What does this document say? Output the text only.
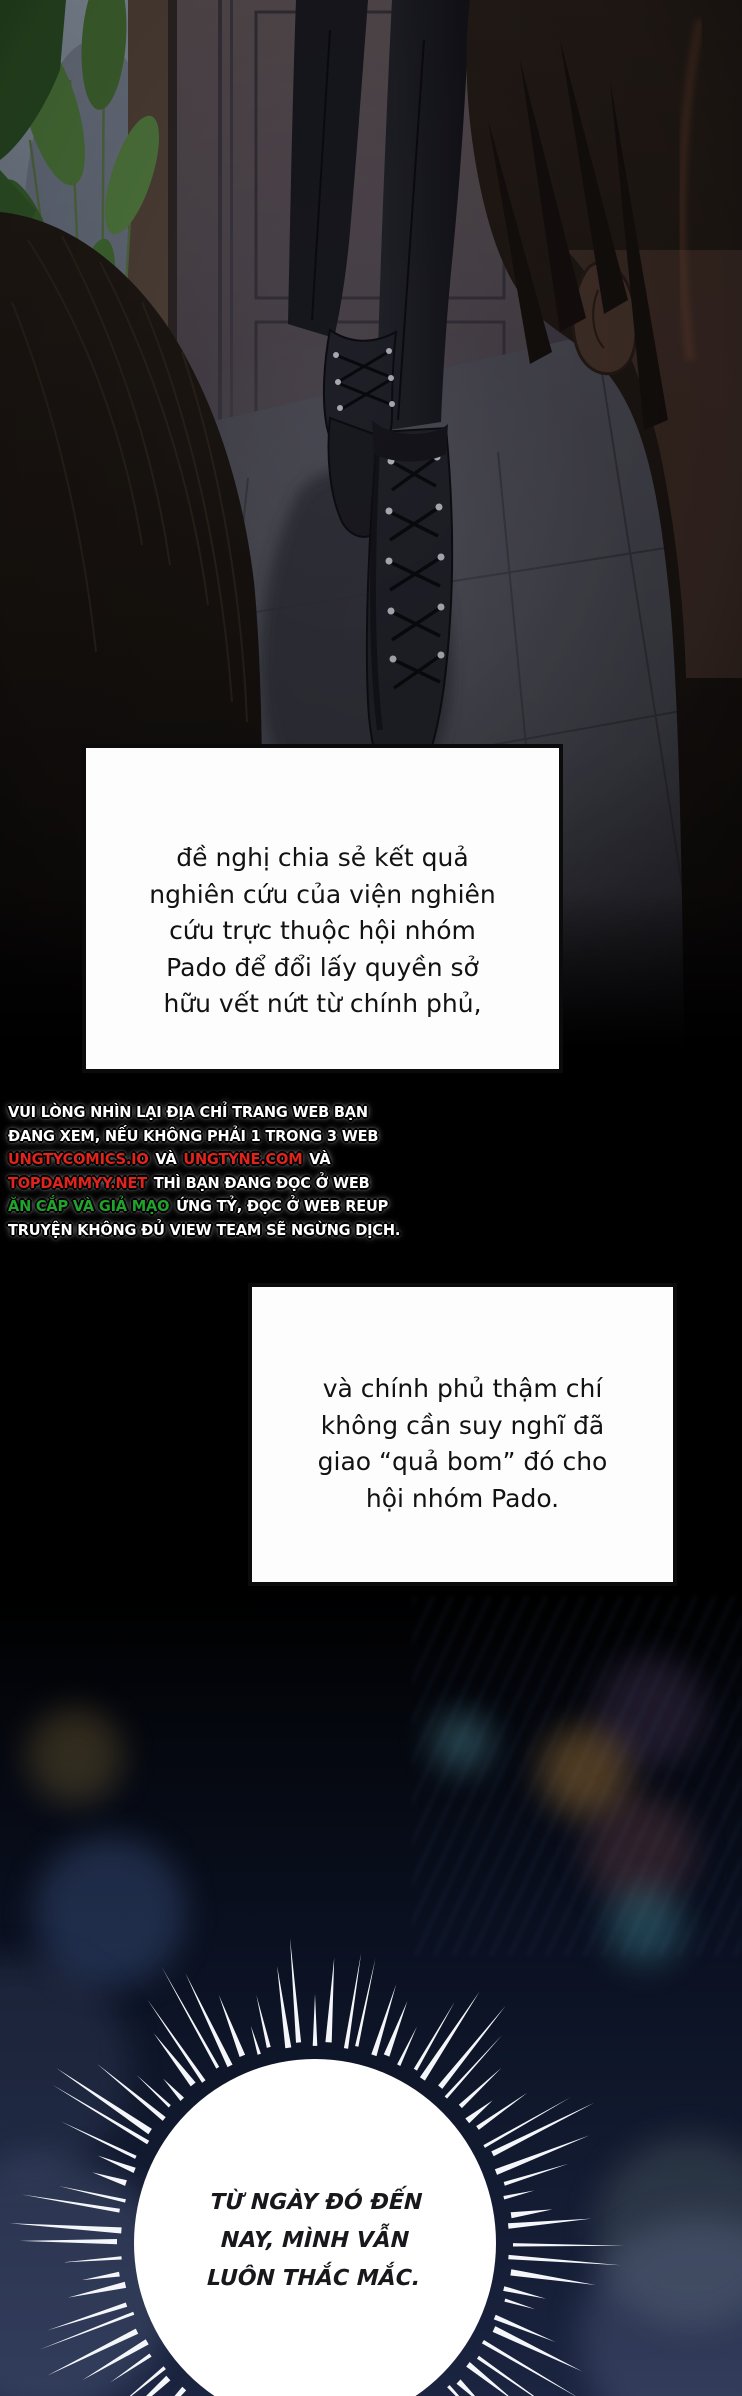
đề nghị chia sẻ kết quả
nghiên cứu của viện nghiên
cứu trực thuộc hội nhóm
Pado để đổi lấy quyền sở
hữu vết nứt từ chính phủ,
VUI LÒNG NHÌN LẠI ĐỊA CHỈ TRANG WEB BẠN
ĐANG XEM, NẾU KHÔNG PHẢI 1 TRONG 3 WEB
UNGTYCOMICS.IO VÀ UNGTYNE.COM VÀ
TOPDAMMYY.NET THÌ BẠN ĐANG ĐỌC Ở WEB
ĂN CẮP VÀ GIẢ MẠO ỨNG TỶ, ĐỌC Ở WEB REUP
TRUYỆN KHÔNG ĐỦ VIEW TEAM SẼ NGỪNG DỊCH.
và chính phủ thậm chí
không cần suy nghĩ đã
giao “quả bom” đó cho
hội nhóm Pado.
TỪ NGÀY ĐÓ ĐẾN
NAY, MÌNH VẪN
LUÔN THẮC MẮC.
